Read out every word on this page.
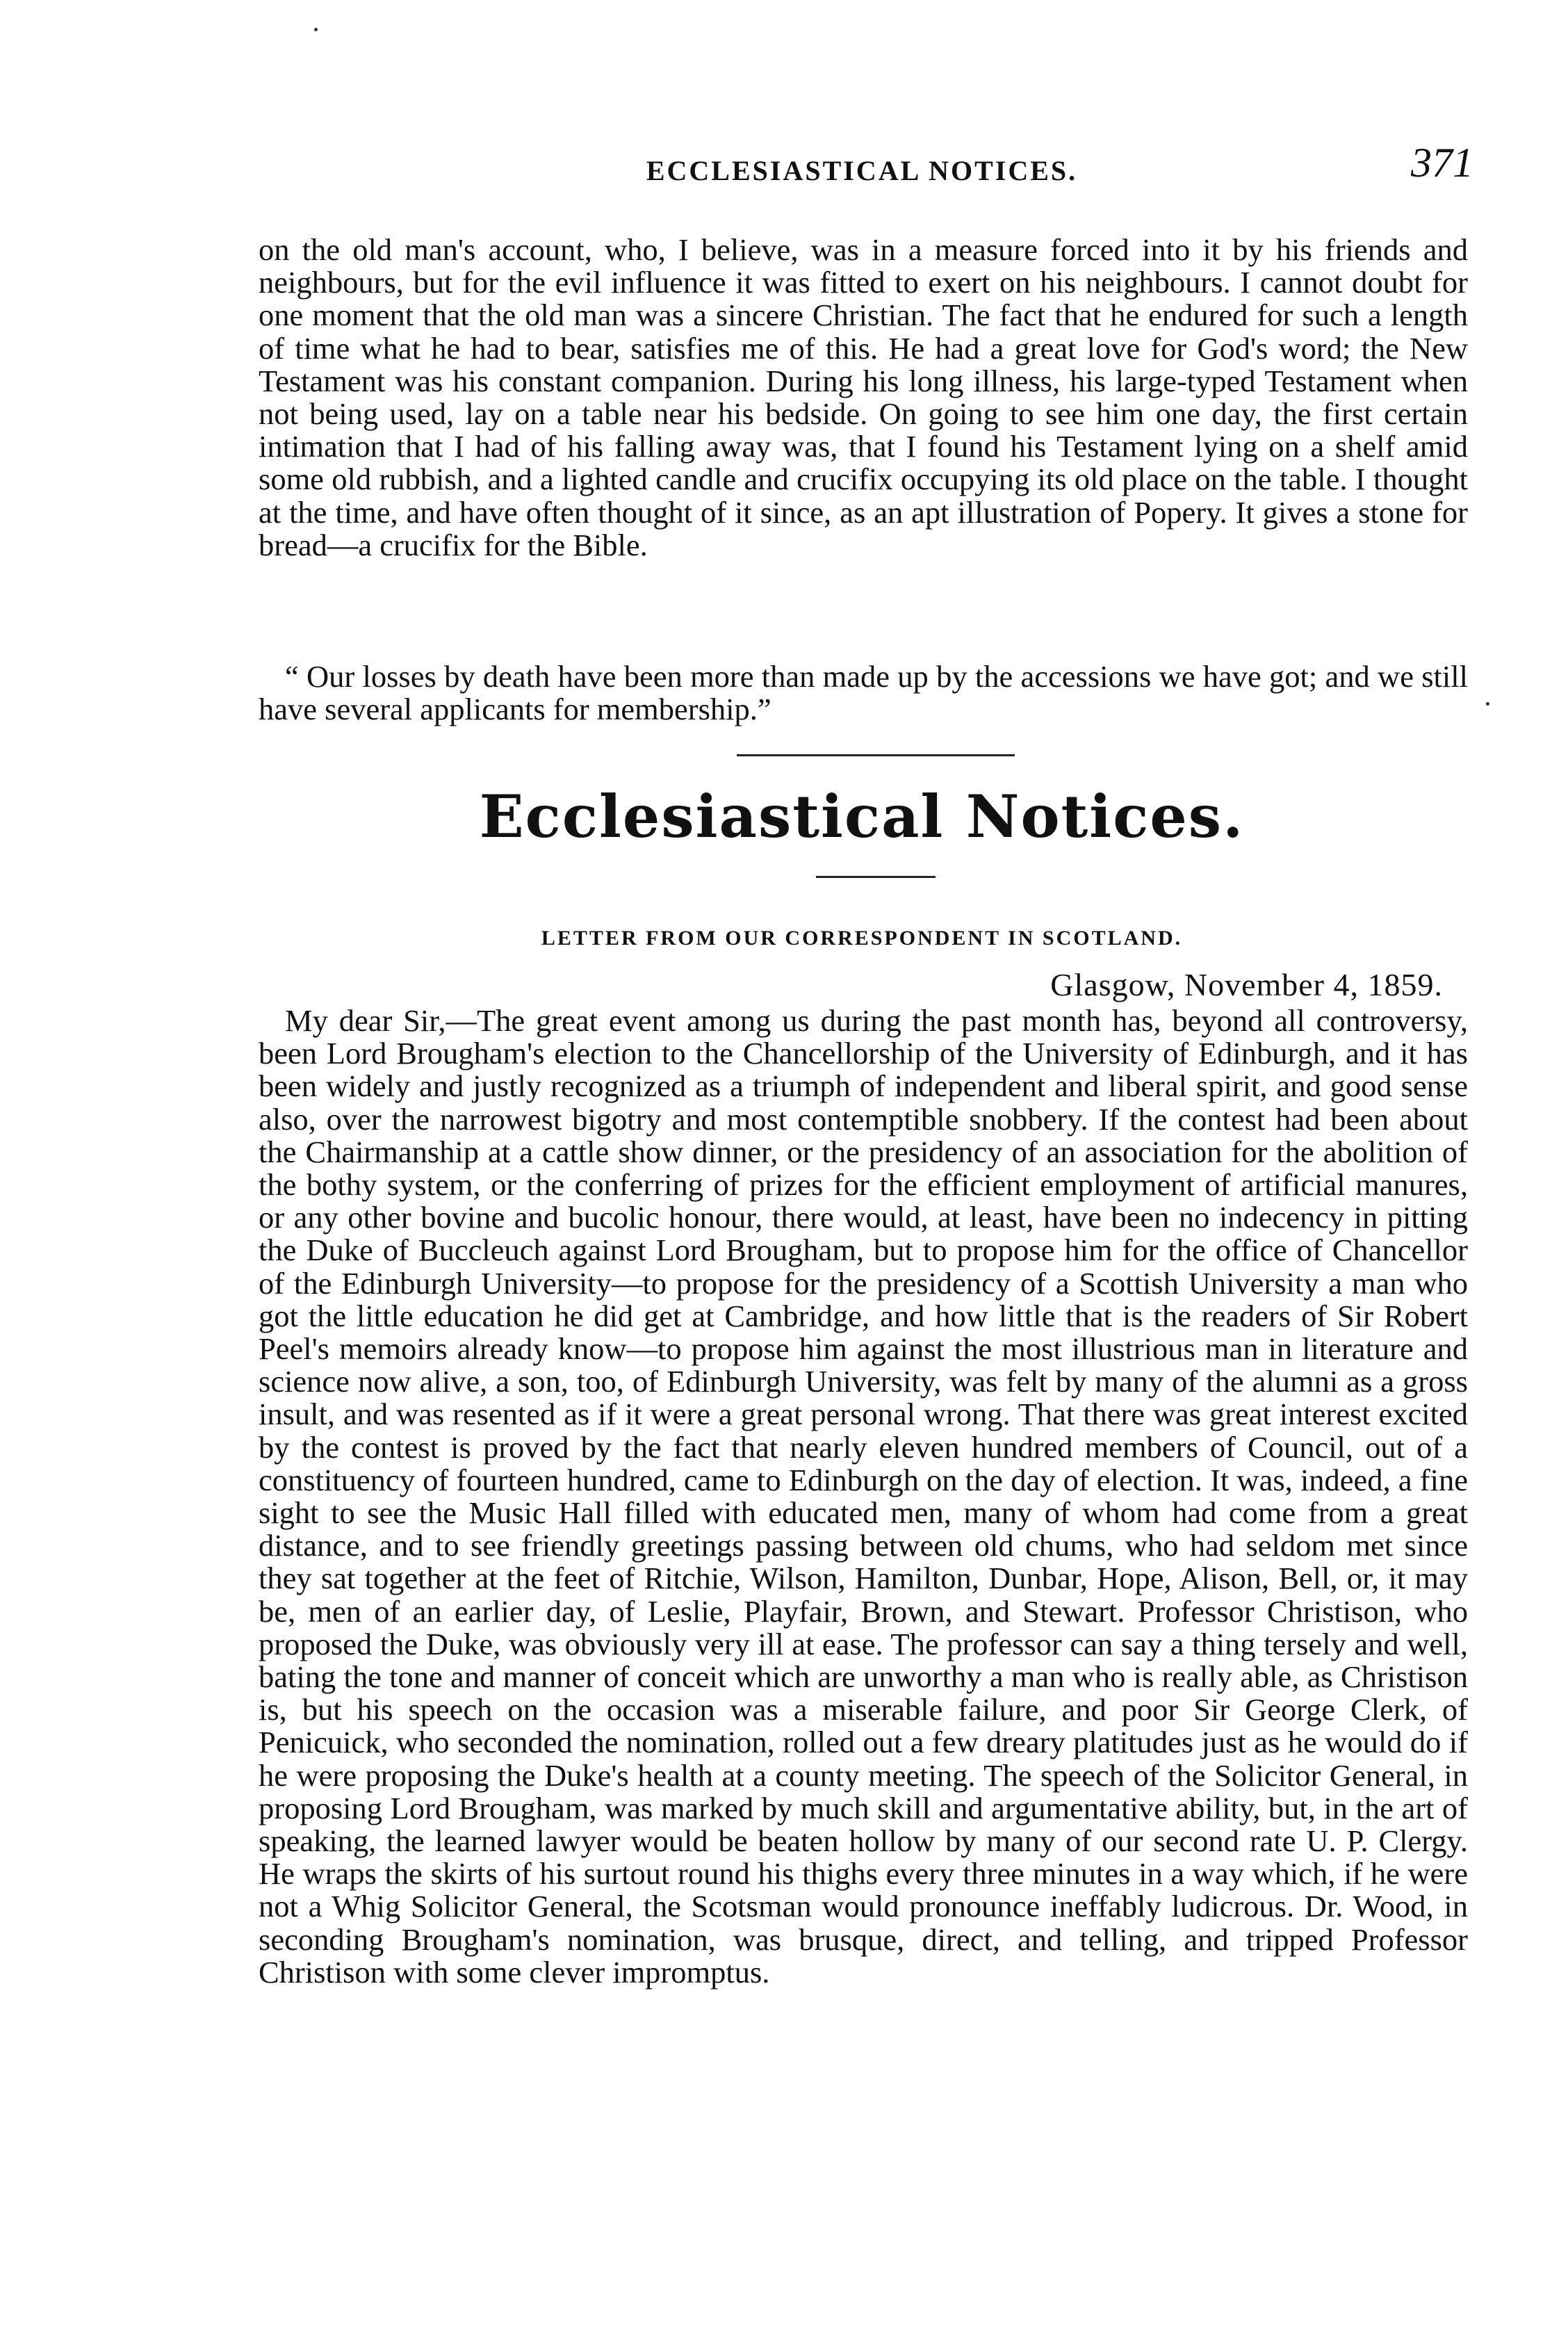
ECCLESIASTICAL NOTICES.	371

on the old man's account, who, I believe, was in a measure forced into it by his friends and neighbours, but for the evil influence it was fitted to exert on his neighbours. I cannot doubt for one moment that the old man was a sincere Christian. The fact that he endured for such a length of time what he had to bear, satisfies me of this. He had a great love for God's word; the New Testament was his constant companion. During his long illness, his large-typed Testament when not being used, lay on a table near his bedside. On going to see him one day, the first certain intimation that I had of his falling away was, that I found his Testament lying on a shelf amid some old rubbish, and a lighted candle and crucifix occupying its old place on the table. I thought at the time, and have often thought of it since, as an apt illustration of Popery. It gives a stone for bread—a crucifix for the Bible.

“ Our losses by death have been more than made up by the accessions we have got; and we still have several applicants for membership.”

Ecclesiastical Notices.
LETTER FROM OUR CORRESPONDENT IN SCOTLAND.
Glasgow, November 4, 1859.

My dear Sir,—The great event among us during the past month has, beyond all controversy, been Lord Brougham's election to the Chancellorship of the University of Edinburgh, and it has been widely and justly recognized as a triumph of independent and liberal spirit, and good sense also, over the narrowest bigotry and most contemptible snobbery. If the contest had been about the Chairmanship at a cattle show dinner, or the presidency of an association for the abolition of the bothy system, or the conferring of prizes for the efficient employment of artificial manures, or any other bovine and bucolic honour, there would, at least, have been no indecency in pitting the Duke of Buccleuch against Lord Brougham, but to propose him for the office of Chancellor of the Edinburgh University—to propose for the presidency of a Scottish University a man who got the little education he did get at Cambridge, and how little that is the readers of Sir Robert Peel's memoirs already know—to propose him against the most illustrious man in literature and science now alive, a son, too, of Edinburgh University, was felt by many of the alumni as a gross insult, and was resented as if it were a great personal wrong. That there was great interest excited by the contest is proved by the fact that nearly eleven hundred members of Council, out of a constituency of fourteen hundred, came to Edinburgh on the day of election. It was, indeed, a fine sight to see the Music Hall filled with educated men, many of whom had come from a great distance, and to see friendly greetings passing between old chums, who had seldom met since they sat together at the feet of Ritchie, Wilson, Hamilton, Dunbar, Hope, Alison, Bell, or, it may be, men of an earlier day, of Leslie, Playfair, Brown, and Stewart. Professor Christison, who proposed the Duke, was obviously very ill at ease. The professor can say a thing tersely and well, bating the tone and manner of conceit which are unworthy a man who is really able, as Christison is, but his speech on the occasion was a miserable failure, and poor Sir George Clerk, of Penicuick, who seconded the nomination, rolled out a few dreary platitudes just as he would do if he were proposing the Duke's health at a county meeting. The speech of the Solicitor General, in proposing Lord Brougham, was marked by much skill and argumentative ability, but, in the art of speaking, the learned lawyer would be beaten hollow by many of our second rate U. P. Clergy. He wraps the skirts of his surtout round his thighs every three minutes in a way which, if he were not a Whig Solicitor General, the Scotsman would pronounce ineffably ludicrous. Dr. Wood, in seconding Brougham's nomination, was brusque, direct, and telling, and tripped Professor Christison with some clever impromptus.
